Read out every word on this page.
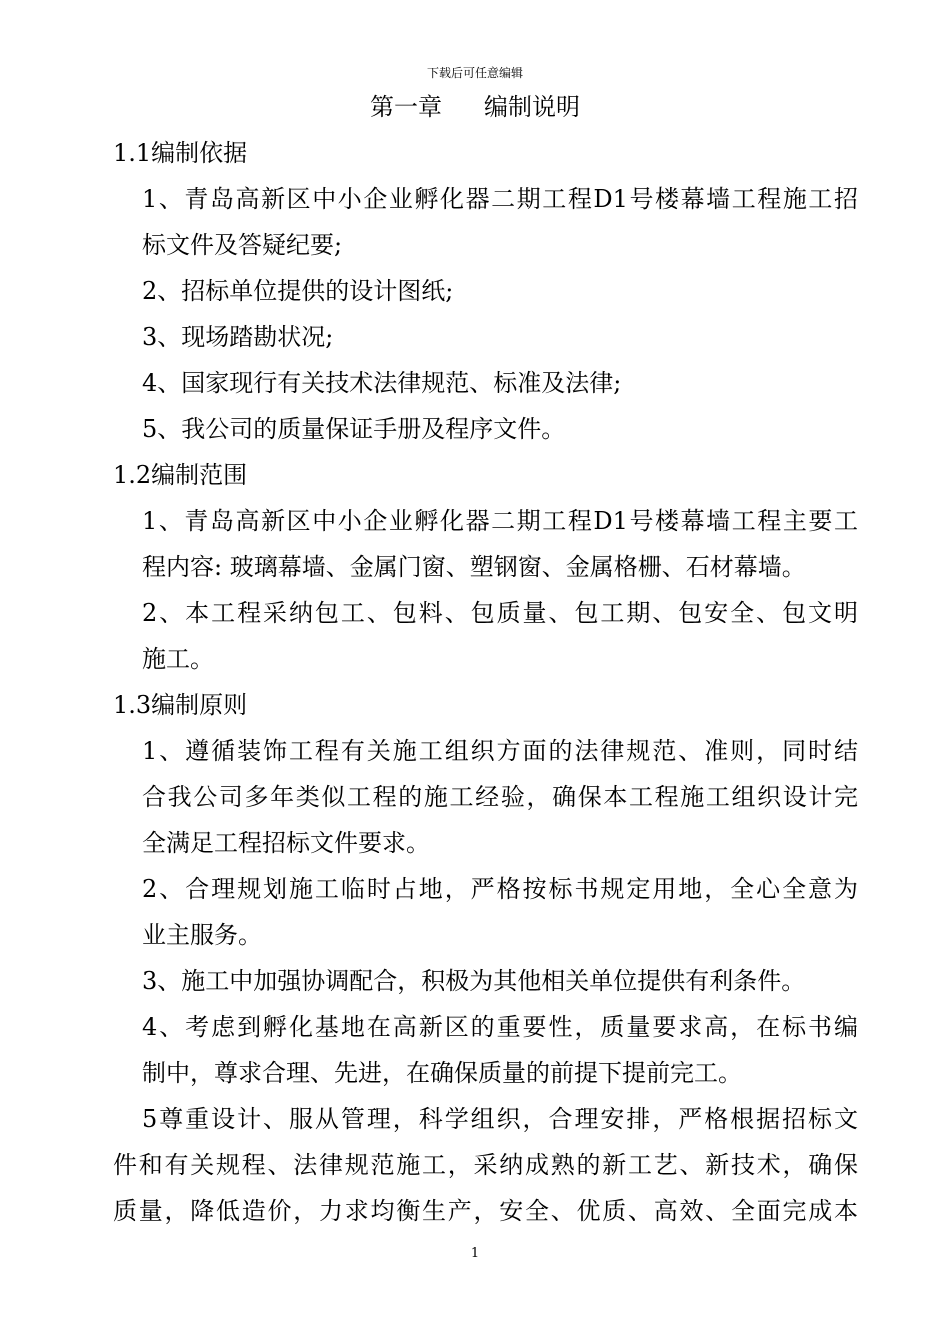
下载后可任意编辑
第一章 编制说明
1.1编制依据
1、青岛高新区中小企业孵化器二期工程D1号楼幕墙工程施工招
标文件及答疑纪要;
2、招标单位提供的设计图纸;
3、现场踏勘状况;
4、国家现行有关技术法律规范、标准及法律;
5、我公司的质量保证手册及程序文件。
1.2编制范围
1、青岛高新区中小企业孵化器二期工程D1号楼幕墙工程主要工
程内容: 玻璃幕墙、金属门窗、塑钢窗、金属格栅、石材幕墙。
2、本工程采纳包工、包料、包质量、包工期、包安全、包文明
施工。
1.3编制原则
1、遵循装饰工程有关施工组织方面的法律规范、准则，同时结
合我公司多年类似工程的施工经验，确保本工程施工组织设计完
全满足工程招标文件要求。
2、合理规划施工临时占地，严格按标书规定用地，全心全意为
业主服务。
3、施工中加强协调配合，积极为其他相关单位提供有利条件。
4、考虑到孵化基地在高新区的重要性，质量要求高，在标书编
制中，尊求合理、先进，在确保质量的前提下提前完工。
5尊重设计、服从管理，科学组织，合理安排，严格根据招标文
件和有关规程、法律规范施工，采纳成熟的新工艺、新技术，确保
质量，降低造价，力求均衡生产，安全、优质、高效、全面完成本
1
